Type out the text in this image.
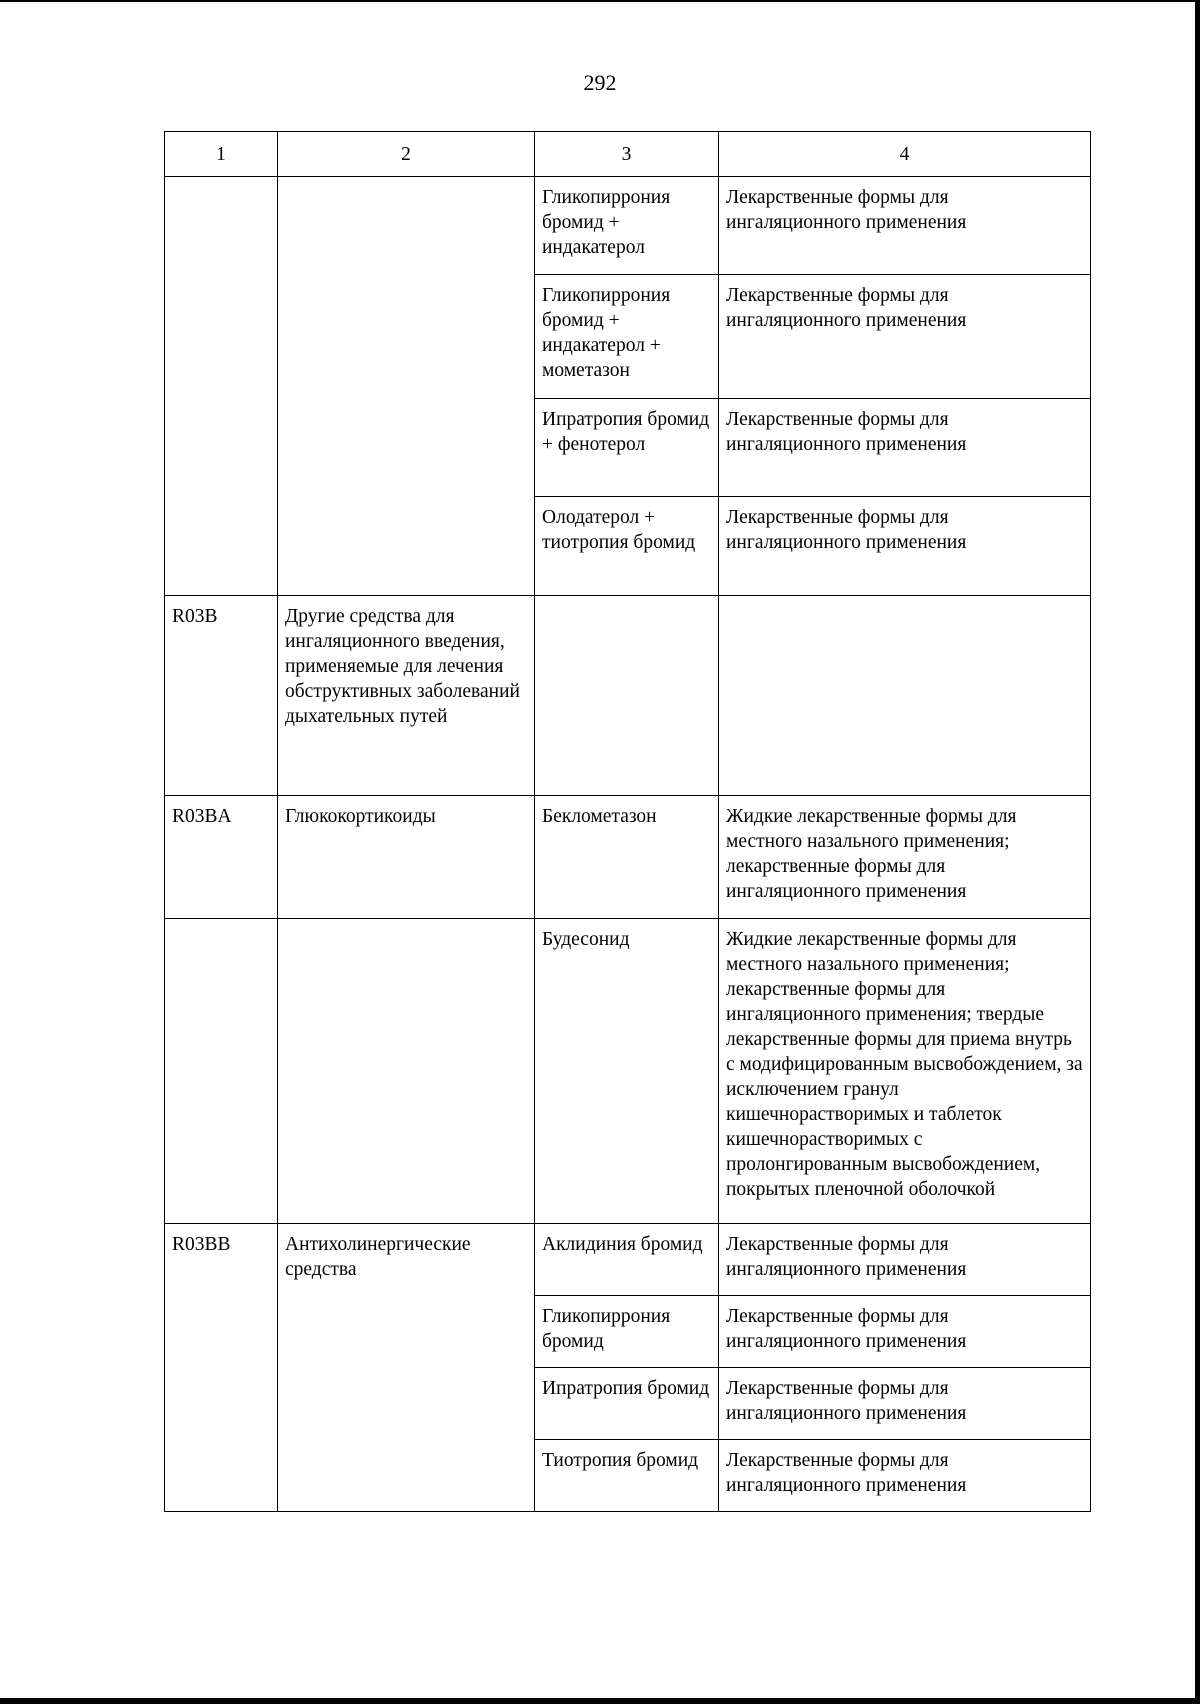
292
1	2	3	4
		Гликопиррония бромид + индакатерол	Лекарственные формы для ингаляционного применения
		Гликопиррония бромид + индакатерол + мометазон	Лекарственные формы для ингаляционного применения
		Ипратропия бромид + фенотерол	Лекарственные формы для ингаляционного применения
		Олодатерол + тиотропия бромид	Лекарственные формы для ингаляционного применения
R03B	Другие средства для ингаляционного введения, применяемые для лечения обструктивных заболеваний дыхательных путей		
R03BA	Глюкокортикоиды	Беклометазон	Жидкие лекарственные формы для местного назального применения; лекарственные формы для ингаляционного применения
		Будесонид	Жидкие лекарственные формы для местного назального применения; лекарственные формы для ингаляционного применения; твердые лекарственные формы для приема внутрь с модифицированным высвобождением, за исключением гранул кишечнорастворимых и таблеток кишечнорастворимых с пролонгированным высвобождением, покрытых пленочной оболочкой
R03BB	Антихолинергические средства	Аклидиния бромид	Лекарственные формы для ингаляционного применения
		Гликопиррония бромид	Лекарственные формы для ингаляционного применения
		Ипратропия бромид	Лекарственные формы для ингаляционного применения
		Тиотропия бромид	Лекарственные формы для ингаляционного применения
